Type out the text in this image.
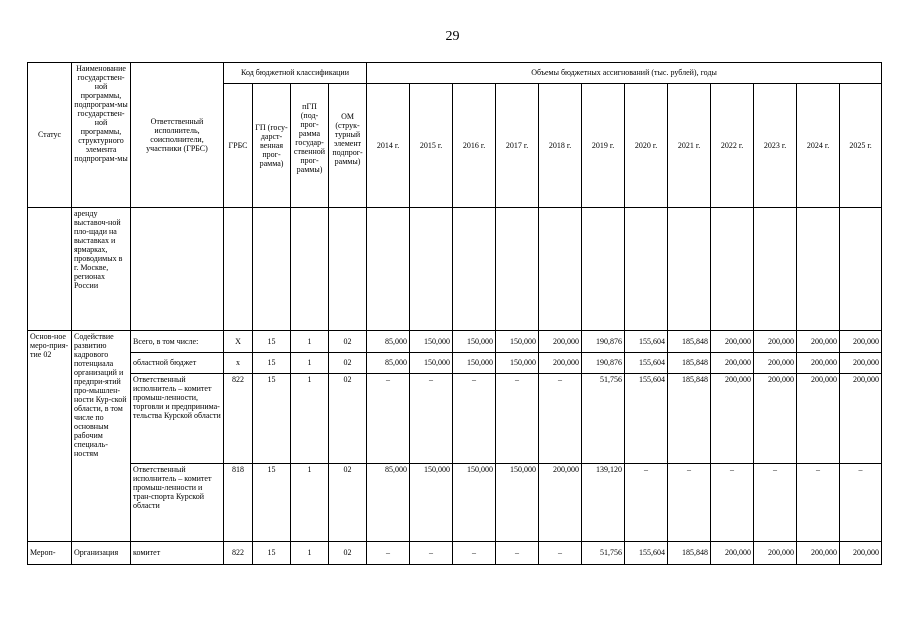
29
Статус	Наименование государствен-ной программы, подпрограм-мы государствен-ной программы, структурного элемента подпрограм-мы	Ответственный исполнитель, соисполнители, участники (ГРБС)	Код бюджетной классификации				Объемы бюджетных ассигнований (тыс. рублей), годы											
			ГРБС	ГП (госу-дарст-венная прог-рамма)	пГП (под-прог-рамма государ-ственной прог-раммы)	ОМ (струк-турный элемент подпрог-раммы)	2014 г.	2015 г.	2016 г.	2017 г.	2018 г.	2019 г.	2020 г.	2021 г.	2022 г.	2023 г.	2024 г.	2025 г.
	аренду выставоч-ной пло-щади на выставках и ярмарках, проводимых в г. Москве, регионах России																	
Основ-ное меро-прия-тие 02	Содействие развитию кадрового потенциала организаций и предпри-ятий про-мышлен-ности Кур-ской области, в том числе по основным рабочим специаль-ностям	Всего, в том числе:	X	15	1	02	85,000	150,000	150,000	150,000	200,000	190,876	155,604	185,848	200,000	200,000	200,000	200,000
		областной бюджет	х	15	1	02	85,000	150,000	150,000	150,000	200,000	190,876	155,604	185,848	200,000	200,000	200,000	200,000
		Ответственный исполнитель – комитет промыш-ленности, торговли и предпринима-тельства Курской области	822	15	1	02	–	–	–	–	–	51,756	155,604	185,848	200,000	200,000	200,000	200,000
		Ответственный исполнитель – комитет промыш-ленности и тран-спорта Курской области	818	15	1	02	85,000	150,000	150,000	150,000	200,000	139,120	–	–	–	–	–	–
Мероп-	Организация	комитет	822	15	1	02	–	–	–	–	–	51,756	155,604	185,848	200,000	200,000	200,000	200,000
